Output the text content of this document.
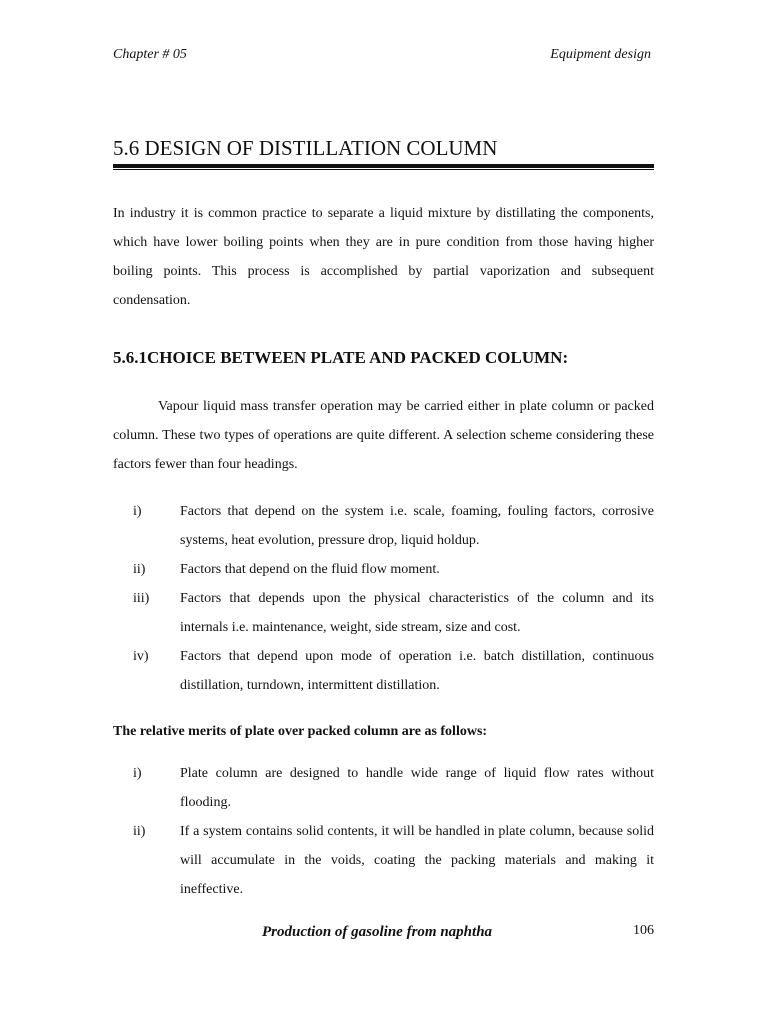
Chapter # 05	Equipment design
5.6 DESIGN OF DISTILLATION COLUMN

In industry it is common practice to separate a liquid mixture by distillating the components, which have lower boiling points when they are in pure condition from those having higher boiling points. This process is accomplished by partial vaporization and subsequent condensation.

5.6.1CHOICE BETWEEN PLATE AND PACKED COLUMN:

Vapour liquid mass transfer operation may be carried either in plate column or packed column. These two types of operations are quite different. A selection scheme considering these factors fewer than four headings.

i)	Factors that depend on the system i.e. scale, foaming, fouling factors, corrosive systems, heat evolution, pressure drop, liquid holdup.
ii) Factors that depend on the fluid flow moment.
iii) Factors that depends upon the physical characteristics of the column and its internals i.e. maintenance, weight, side stream, size and cost.
iv) Factors that depend upon mode of operation i.e. batch distillation, continuous distillation, turndown, intermittent distillation.

The relative merits of plate over packed column are as follows:

i)	Plate column are designed to handle wide range of liquid flow rates without flooding.
ii) If a system contains solid contents, it will be handled in plate column, because solid will accumulate in the voids, coating the packing materials and making it ineffective.
Production of gasoline from naphtha	106
